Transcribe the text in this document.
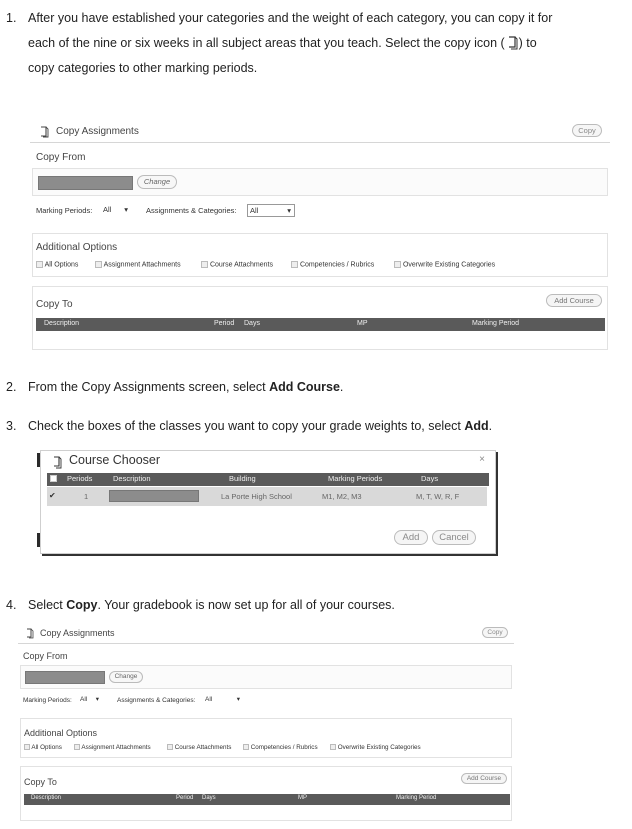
1. After you have established your categories and the weight of each category, you can copy it for
each of the nine or six weeks in all subject areas that you teach. Select the copy icon ( ) to
copy categories to other marking periods.
Copy Assignments	Copy
Copy From
Change
Marking Periods: All ▾ Assignments & Categories:	All	▾
Additional Options
All Options	Assignment Attachments	Course Attachments	Competencies / Rubrics	Overwrite Existing Categories
Copy To	Add Course
Description	Period Days	MP	Marking Period
2. From the Copy Assignments screen, select Add Course.
3. Check the boxes of the classes you want to copy your grade weights to, select Add.
Course Chooser	×
Periods	Description	Building	Marking Periods	Days
✔	1	La Porte High School	M1, M2, M3	M, T, W, R, F
Add	Cancel
4. Select Copy. Your gradebook is now set up for all of your courses.
Copy Assignments	Copy
Copy From
Change
Marking Periods:	All ▾	Assignments & Categories:	All	▾
Additional Options
All Options	Assignment Attachments	Course Attachments	Competencies / Rubrics	Overwrite Existing Categories
Copy To	Add Course
Description	Period Days	MP	Marking Period
